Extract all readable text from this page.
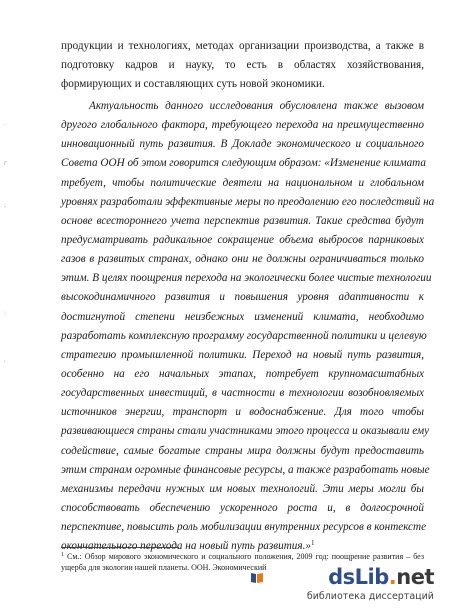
.
г
;
:
'
продукции и технологиях, методах организации производства, а также в
подготовку кадров и науку, то есть в областях хозяйствования,
формирующих и составляющих суть новой экономики.
Актуальность данного исследования обусловлена также вызовом
другого глобального фактора, требующего перехода на преимущественно
инновационный путь развития. В Докладе экономического и социального
Совета ООН об этом говорится следующим образом: «Изменение климата
требует, чтобы политические деятели на национальном и глобальном
уровнях разработали эффективные меры по преодолению его последствий на
основе всестороннего учета перспектив развития. Такие средства будут
предусматривать радикальное сокращение объема выбросов парниковых
газов в развитых странах, однако они не должны ограничиваться только
этим. В целях поощрения перехода на экологически более чистые технологии
высокодинамичного развития и повышения уровня адаптивности к
достигнутой степени неизбежных изменений климата, необходимо
разработать комплексную программу государственной политики и целевую
стратегию промышленной политики. Переход на новый путь развития,
особенно на его начальных этапах, потребует крупномасштабных
государственных инвестиций, в частности в технологии возобновляемых
источников энергии, транспорт и водоснабжение. Для того чтобы
развивающиеся страны стали участниками этого процесса и оказывали ему
содействие, самые богатые страны мира должны будут предоставить
этим странам огромные финансовые ресурсы, а также разработать новые
механизмы передачи нужных им новых технологий. Эти меры могли бы
способствовать обеспечению ускоренного роста и, в долгосрочной
перспективе, повысить роль мобилизации внутренних ресурсов в контексте
окончательного перехода на новый путь развития.»$^1$
$^1$ См.: Обзор мирового экономического и социального положения, 2009 год: поощрение развития – без
ущерба для экологии нашей планеты. ООН. Экономический	dsLib.net
библиотека диссертаций
